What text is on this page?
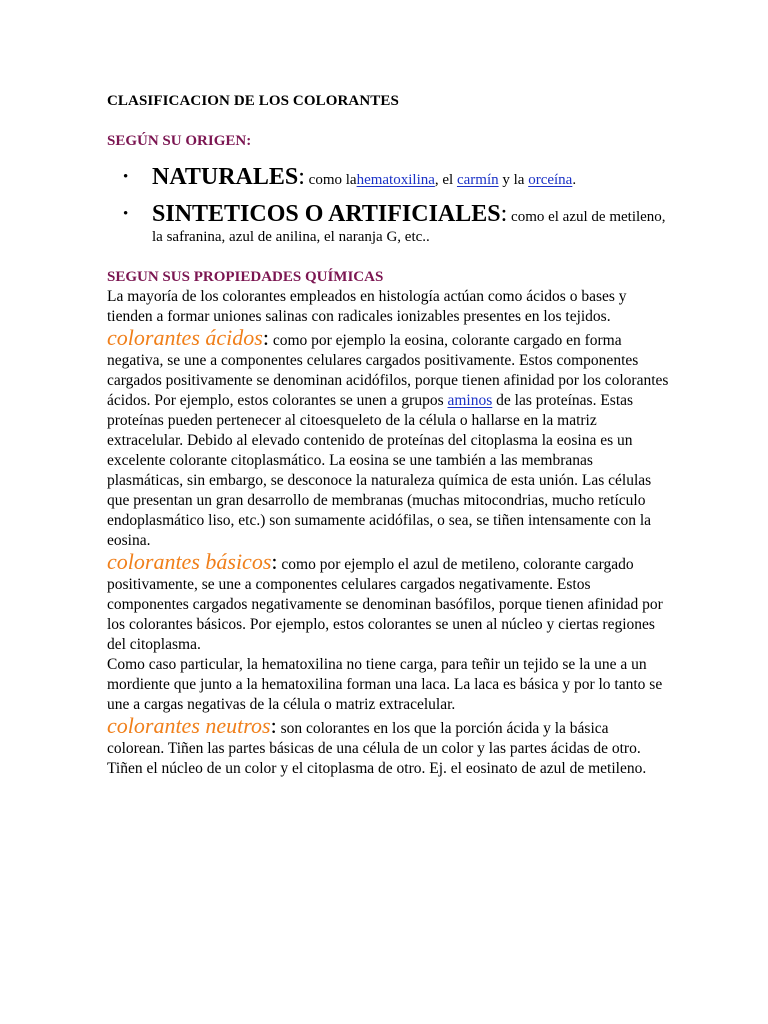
CLASIFICACION DE LOS COLORANTES
SEGÚN SU ORIGEN:
• NATURALES: como lahematoxilina, el carmín y la orceína.
• SINTETICOS O ARTIFICIALES: como el azul de metileno, la safranina, azul de anilina, el naranja G, etc..
SEGUN SUS PROPIEDADES QUÍMICAS

La mayoría de los colorantes empleados en histología actúan como ácidos o bases y tienden a formar uniones salinas con radicales ionizables presentes en los tejidos.

colorantes ácidos: como por ejemplo la eosina, colorante cargado en forma negativa, se une a componentes celulares cargados positivamente. Estos componentes cargados positivamente se denominan acidófilos, porque tienen afinidad por los colorantes ácidos. Por ejemplo, estos colorantes se unen a grupos aminos de las proteínas. Estas proteínas pueden pertenecer al citoesqueleto de la célula o hallarse en la matriz extracelular. Debido al elevado contenido de proteínas del citoplasma la eosina es un excelente colorante citoplasmático. La eosina se une también a las membranas plasmáticas, sin embargo, se desconoce la naturaleza química de esta unión. Las células que presentan un gran desarrollo de membranas (muchas mitocondrias, mucho retículo endoplasmático liso, etc.) son sumamente acidófilas, o sea, se tiñen intensamente con la eosina.

colorantes básicos: como por ejemplo el azul de metileno, colorante cargado positivamente, se une a componentes celulares cargados negativamente. Estos componentes cargados negativamente se denominan basófilos, porque tienen afinidad por los colorantes básicos. Por ejemplo, estos colorantes se unen al núcleo y ciertas regiones del citoplasma.
Como caso particular, la hematoxilina no tiene carga, para teñir un tejido se la une a un mordiente que junto a la hematoxilina forman una laca. La laca es básica y por lo tanto se une a cargas negativas de la célula o matriz extracelular.

colorantes neutros: son colorantes en los que la porción ácida y la básica colorean. Tiñen las partes básicas de una célula de un color y las partes ácidas de otro. Tiñen el núcleo de un color y el citoplasma de otro. Ej. el eosinato de azul de metileno.
